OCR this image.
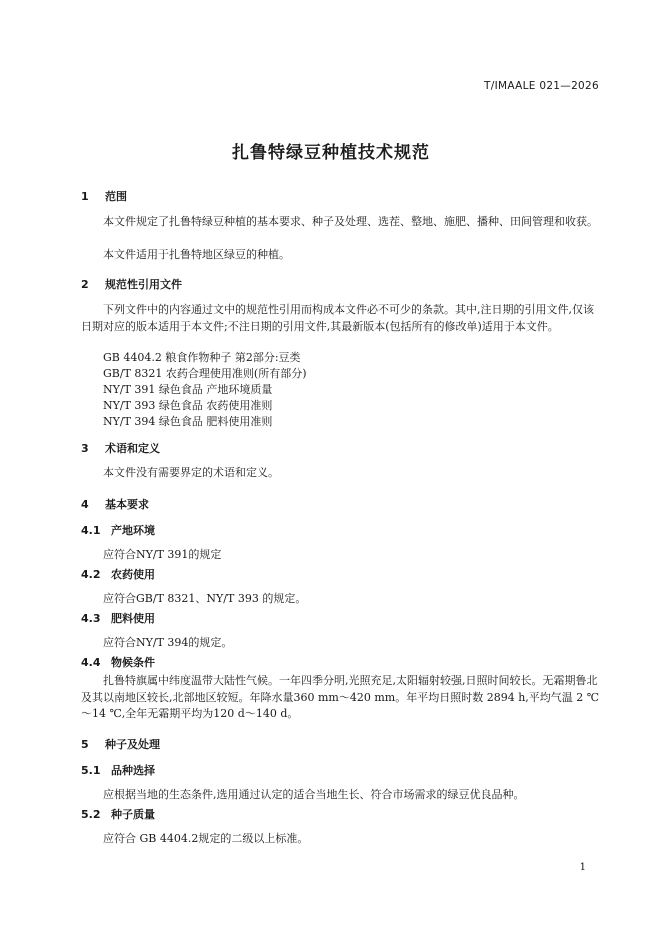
T/IMAALE 021—2026
扎鲁特绿豆种植技术规范
1 范围
本文件规定了扎鲁特绿豆种植的基本要求、种子及处理、选茬、整地、施肥、播种、田间管理和收获。
本文件适用于扎鲁特地区绿豆的种植。
2 规范性引用文件
下列文件中的内容通过文中的规范性引用而构成本文件必不可少的条款。其中,注日期的引用文件,仅该日期对应的版本适用于本文件;不注日期的引用文件,其最新版本(包括所有的修改单)适用于本文件。
GB 4404.2 粮食作物种子 第2部分:豆类
GB/T 8321 农药合理使用准则(所有部分)
NY/T 391 绿色食品 产地环境质量
NY/T 393 绿色食品 农药使用准则
NY/T 394 绿色食品 肥料使用准则
3 术语和定义
本文件没有需要界定的术语和定义。
4 基本要求
4.1 产地环境
应符合NY/T 391的规定
4.2 农药使用
应符合GB/T 8321、NY/T 393 的规定。
4.3 肥料使用
应符合NY/T 394的规定。
4.4 物候条件
扎鲁特旗属中纬度温带大陆性气候。一年四季分明,光照充足,太阳辐射较强,日照时间较长。无霜期鲁北及其以南地区较长,北部地区较短。年降水量360 mm～420 mm。年平均日照时数 2894 h,平均气温 2 ℃～14 ℃,全年无霜期平均为120 d～140 d。
5 种子及处理
5.1 品种选择
应根据当地的生态条件,选用通过认定的适合当地生长、符合市场需求的绿豆优良品种。
5.2 种子质量
应符合 GB 4404.2规定的二级以上标准。
1
